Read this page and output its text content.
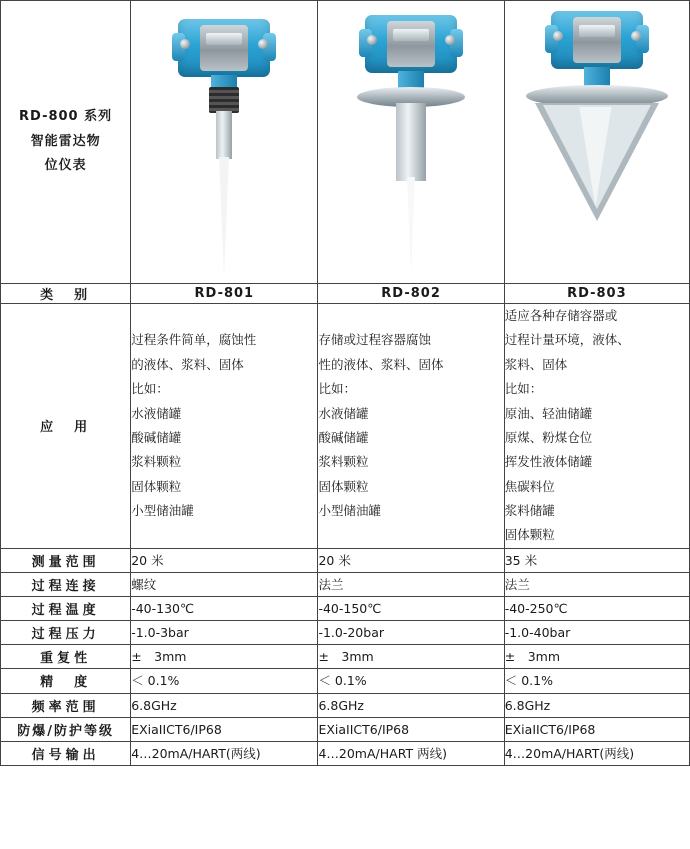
RD-800 系列
智能雷达物
位仪表	

类　别	RD-801	RD-802	RD-803
应　用	过程条件简单，腐蚀性
的液体、浆料、固体
比如：
水液储罐
酸碱储罐
浆料颗粒
固体颗粒
小型储油罐	存储或过程容器腐蚀
性的液体、浆料、固体
比如：
水液储罐
酸碱储罐
浆料颗粒
固体颗粒
小型储油罐	适应各种存储容器或
过程计量环境，液体、
浆料、固体
比如：
原油、轻油储罐
原煤、粉煤仓位
挥发性液体储罐
焦碳料位
浆料储罐
固体颗粒
测量范围	20 米	20 米	35 米
过程连接	螺纹	法兰	法兰
过程温度	-40-130℃	-40-150℃	-40-250℃
过程压力	-1.0-3bar	-1.0-20bar	-1.0-40bar
重复性	±　3mm	±　3mm	±　3mm
精　度	＜ 0.1%	＜ 0.1%	＜ 0.1%
频率范围	6.8GHz	6.8GHz	6.8GHz
防爆/防护等级	EXiaIICT6/IP68	EXiaIICT6/IP68	EXiaIICT6/IP68
信号输出	4…20mA/HART(两线)	4…20mA/HART 两线)	4…20mA/HART(两线)
